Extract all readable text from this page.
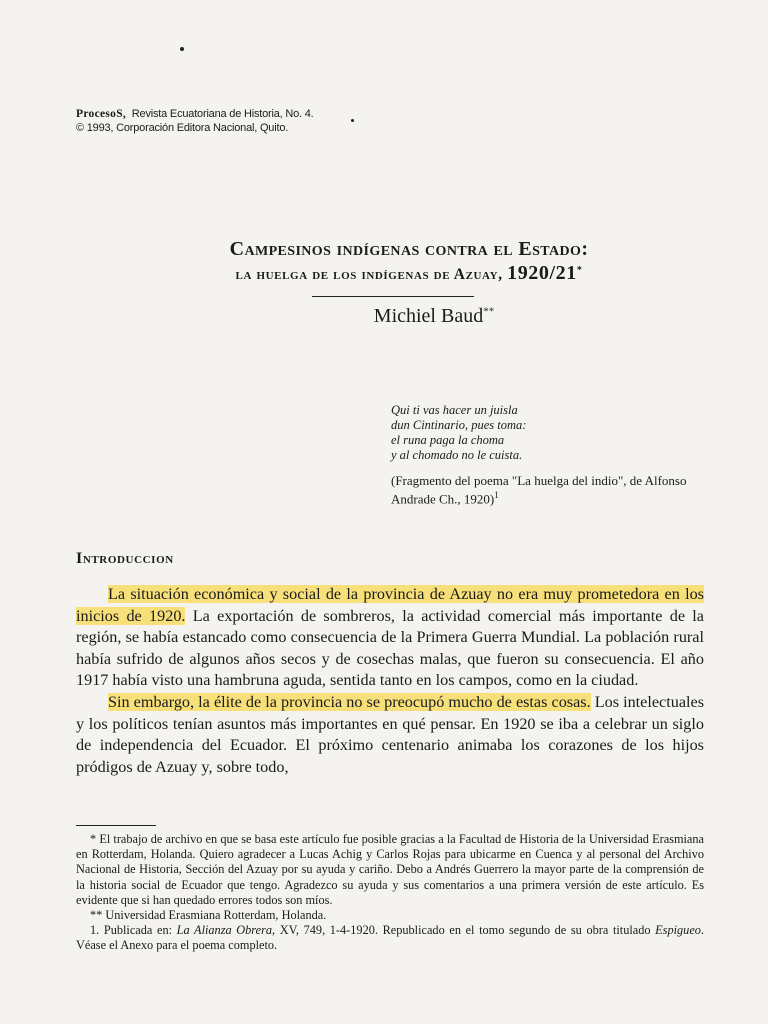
ProcesoS, Revista Ecuatoriana de Historia, No. 4.
© 1993, Corporación Editora Nacional, Quito.
Campesinos indígenas contra el Estado:
la huelga de los indígenas de Azuay, 1920/21*
Michiel Baud**
Qui ti vas hacer un juisla
dun Cintinario, pues toma:
el runa paga la choma
y al chomado no le cuista.
(Fragmento del poema "La huelga del indio", de Alfonso Andrade Ch., 1920)$^1$
Introduccion

La situación económica y social de la provincia de Azuay no era muy prometedora en los inicios de 1920. La exportación de sombreros, la actividad comercial más importante de la región, se había estancado como consecuencia de la Primera Guerra Mundial. La población rural había sufrido de algunos años secos y de cosechas malas, que fueron su consecuencia. El año 1917 había visto una hambruna aguda, sentida tanto en los campos, como en la ciudad.

Sin embargo, la élite de la provincia no se preocupó mucho de estas cosas. Los intelectuales y los políticos tenían asuntos más importantes en qué pensar. En 1920 se iba a celebrar un siglo de independencia del Ecuador. El próximo centenario animaba los corazones de los hijos pródigos de Azuay y, sobre todo,

* El trabajo de archivo en que se basa este artículo fue posible gracias a la Facultad de Historia de la Universidad Erasmiana en Rotterdam, Holanda. Quiero agradecer a Lucas Achig y Carlos Rojas para ubicarme en Cuenca y al personal del Archivo Nacional de Historia, Sección del Azuay por su ayuda y cariño. Debo a Andrés Guerrero la mayor parte de la comprensión de la historia social de Ecuador que tengo. Agradezco su ayuda y sus comentarios a una primera versión de este artículo. Es evidente que si han quedado errores todos son míos.

** Universidad Erasmiana Rotterdam, Holanda.

1. Publicada en: La Alianza Obrera, XV, 749, 1-4-1920. Republicado en el tomo segundo de su obra titulado Espigueo. Véase el Anexo para el poema completo.
